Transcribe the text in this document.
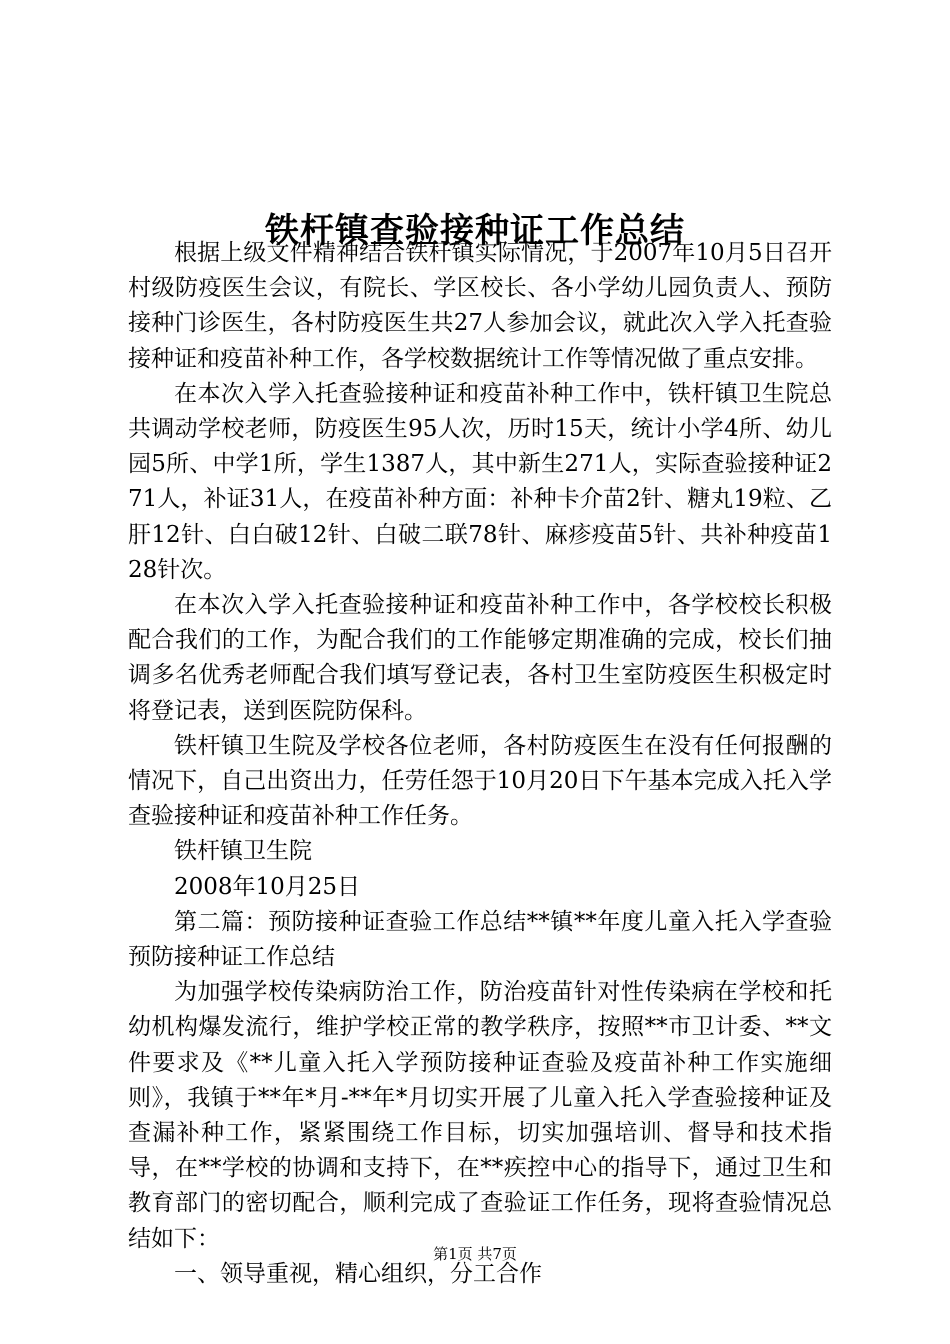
铁杆镇查验接种证工作总结

根据上级文件精神结合铁杆镇实际情况，于2007年10月5日召开村级防疫医生会议，有院长、学区校长、各小学幼儿园负责人、预防接种门诊医生，各村防疫医生共27人参加会议，就此次入学入托查验接种证和疫苗补种工作，各学校数据统计工作等情况做了重点安排。

在本次入学入托查验接种证和疫苗补种工作中，铁杆镇卫生院总共调动学校老师，防疫医生95人次，历时15天，统计小学4所、幼儿园5所、中学1所，学生1387人，其中新生271人，实际查验接种证271人，补证31人，在疫苗补种方面：补种卡介苗2针、糖丸19粒、乙肝12针、白白破12针、白破二联78针、麻疹疫苗5针、共补种疫苗128针次。

在本次入学入托查验接种证和疫苗补种工作中，各学校校长积极配合我们的工作，为配合我们的工作能够定期准确的完成，校长们抽调多名优秀老师配合我们填写登记表，各村卫生室防疫医生积极定时将登记表，送到医院防保科。

铁杆镇卫生院及学校各位老师，各村防疫医生在没有任何报酬的情况下，自己出资出力，任劳任怨于10月20日下午基本完成入托入学查验接种证和疫苗补种工作任务。

铁杆镇卫生院

2008年10月25日

第二篇：预防接种证查验工作总结**镇**年度儿童入托入学查验预防接种证工作总结

为加强学校传染病防治工作，防治疫苗针对性传染病在学校和托幼机构爆发流行，维护学校正常的教学秩序，按照**市卫计委、**文件要求及《**儿童入托入学预防接种证查验及疫苗补种工作实施细则》，我镇于**年*月-**年*月切实开展了儿童入托入学查验接种证及查漏补种工作，紧紧围绕工作目标，切实加强培训、督导和技术指导，在**学校的协调和支持下，在**疾控中心的指导下，通过卫生和教育部门的密切配合，顺利完成了查验证工作任务，现将查验情况总结如下：

一、领导重视，精心组织，分工合作

第1页 共7页
